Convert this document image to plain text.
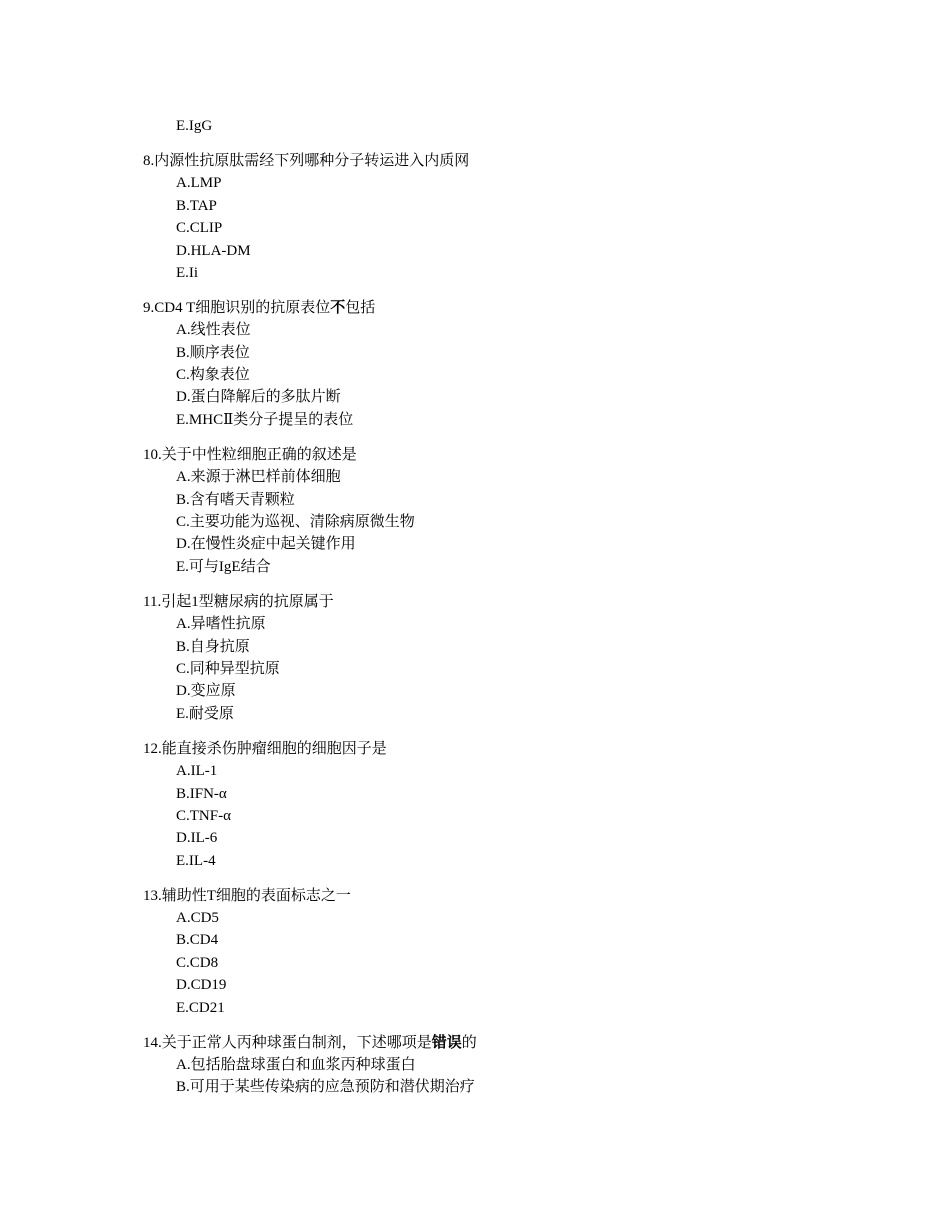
E.IgG
8.内源性抗原肽需经下列哪种分子转运进入内质网
A.LMP
B.TAP
C.CLIP
D.HLA-DM
E.Ii
9.CD4 T细胞识别的抗原表位不包括
A.线性表位
B.顺序表位
C.构象表位
D.蛋白降解后的多肽片断
E.MHCⅡ类分子提呈的表位
10.关于中性粒细胞正确的叙述是
A.来源于淋巴样前体细胞
B.含有嗜天青颗粒
C.主要功能为巡视、清除病原微生物
D.在慢性炎症中起关键作用
E.可与IgE结合
11.引起1型糖尿病的抗原属于
A.异嗜性抗原
B.自身抗原
C.同种异型抗原
D.变应原
E.耐受原
12.能直接杀伤肿瘤细胞的细胞因子是
A.IL-1
B.IFN-α
C.TNF-α
D.IL-6
E.IL-4
13.辅助性T细胞的表面标志之一
A.CD5
B.CD4
C.CD8
D.CD19
E.CD21
14.关于正常人丙种球蛋白制剂，下述哪项是错误的
A.包括胎盘球蛋白和血浆丙种球蛋白
B.可用于某些传染病的应急预防和潜伏期治疗
